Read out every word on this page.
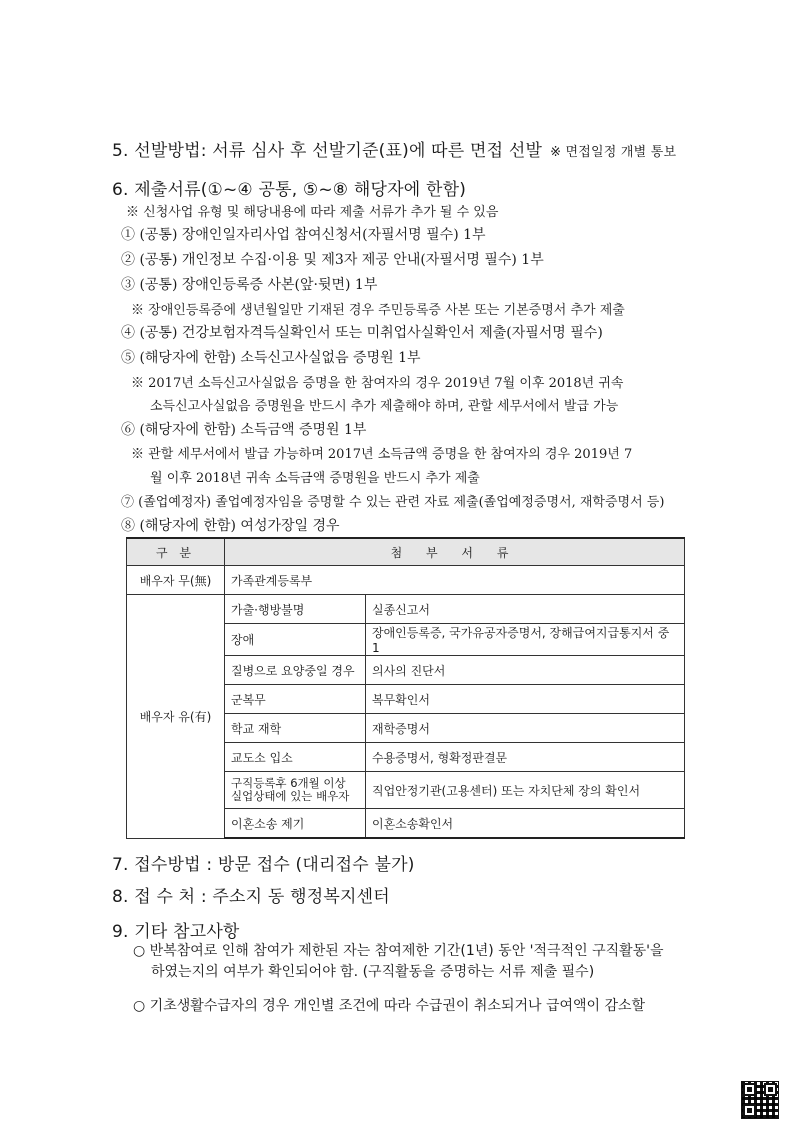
5. 선발방법: 서류 심사 후 선발기준(표)에 따른 면접 선발 ※ 면접일정 개별 통보
6. 제출서류(①~④ 공통, ⑤~⑧ 해당자에 한함)
※ 신청사업 유형 및 해당내용에 따라 제출 서류가 추가 될 수 있음
① (공통) 장애인일자리사업 참여신청서(자필서명 필수) 1부
② (공통) 개인정보 수집·이용 및 제3자 제공 안내(자필서명 필수) 1부
③ (공통) 장애인등록증 사본(앞·뒷면) 1부
※ 장애인등록증에 생년월일만 기재된 경우 주민등록증 사본 또는 기본증명서 추가 제출
④ (공통) 건강보험자격득실확인서 또는 미취업사실확인서 제출(자필서명 필수)
⑤ (해당자에 한함) 소득신고사실없음 증명원 1부
※ 2017년 소득신고사실없음 증명을 한 참여자의 경우 2019년 7월 이후 2018년 귀속
소득신고사실없음 증명원을 반드시 추가 제출해야 하며, 관할 세무서에서 발급 가능
⑥ (해당자에 한함) 소득금액 증명원 1부
※ 관할 세무서에서 발급 가능하며 2017년 소득금액 증명을 한 참여자의 경우 2019년 7
월 이후 2018년 귀속 소득금액 증명원을 반드시 추가 제출
⑦ (졸업예정자) 졸업예정자임을 증명할 수 있는 관련 자료 제출(졸업예정증명서, 재학증명서 등)
⑧ (해당자에 한함) 여성가장일 경우
구 분	첨 부 서 류	
배우자 무(無)	가족관계등록부	
배우자 유(有)	가출·행방불명	실종신고서
	장애	장애인등록증, 국가유공자증명서, 장해급여지급통지서 중 1
	질병으로 요양중일 경우	의사의 진단서
	군복무	복무확인서
	학교 재학	재학증명서
	교도소 입소	수용증명서, 형확정판결문
	구직등록후 6개월 이상
실업상태에 있는 배우자	직업안정기관(고용센터) 또는 자치단체 장의 확인서
	이혼소송 제기	이혼소송확인서
7. 접수방법 : 방문 접수 (대리접수 불가)
8. 접 수 처 : 주소지 동 행정복지센터
9. 기타 참고사항
○ 반복참여로 인해 참여가 제한된 자는 참여제한 기간(1년) 동안 '적극적인 구직활동'을
하였는지의 여부가 확인되어야 함. (구직활동을 증명하는 서류 제출 필수)
○ 기초생활수급자의 경우 개인별 조건에 따라 수급권이 취소되거나 급여액이 감소할
